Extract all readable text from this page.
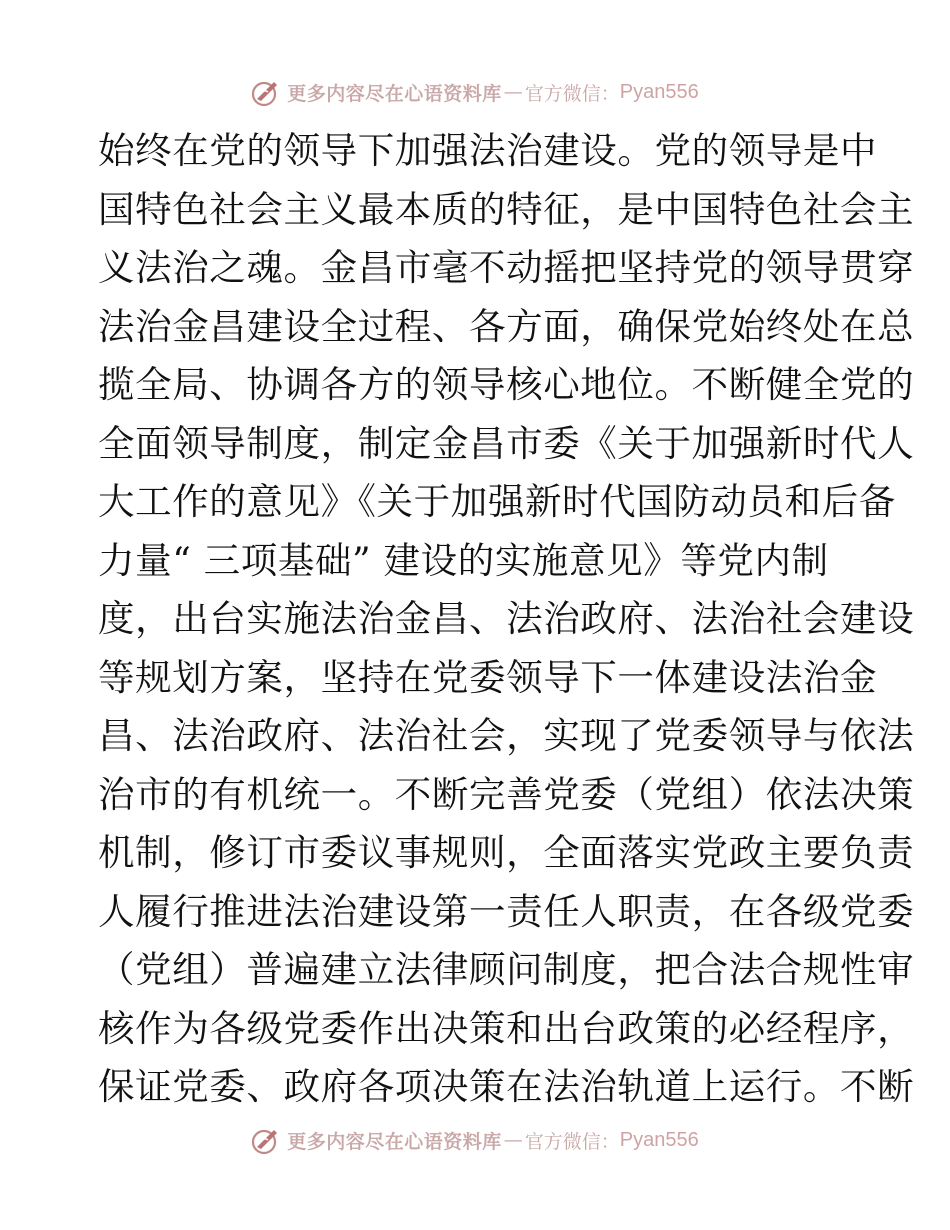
更多内容尽在心语资料库 — 官方微信： Pyan556
始终在党的领导下加强法治建设。党的领导是中
国特色社会主义最本质的特征，是中国特色社会主
义法治之魂。金昌市毫不动摇把坚持党的领导贯穿
法治金昌建设全过程、各方面，确保党始终处在总
揽全局、协调各方的领导核心地位。不断健全党的
全面领导制度，制定金昌市委《关于加强新时代人
大工作的意见》《关于加强新时代国防动员和后备
力量“ 三项基础” 建设的实施意见》等党内制
度，出台实施法治金昌、法治政府、法治社会建设
等规划方案，坚持在党委领导下一体建设法治金
昌、法治政府、法治社会，实现了党委领导与依法
治市的有机统一。不断完善党委（党组）依法决策
机制，修订市委议事规则，全面落实党政主要负责
人履行推进法治建设第一责任人职责，在各级党委
（党组）普遍建立法律顾问制度，把合法合规性审
核作为各级党委作出决策和出台政策的必经程序，
保证党委、政府各项决策在法治轨道上运行。不断
更多内容尽在心语资料库 — 官方微信： Pyan556
